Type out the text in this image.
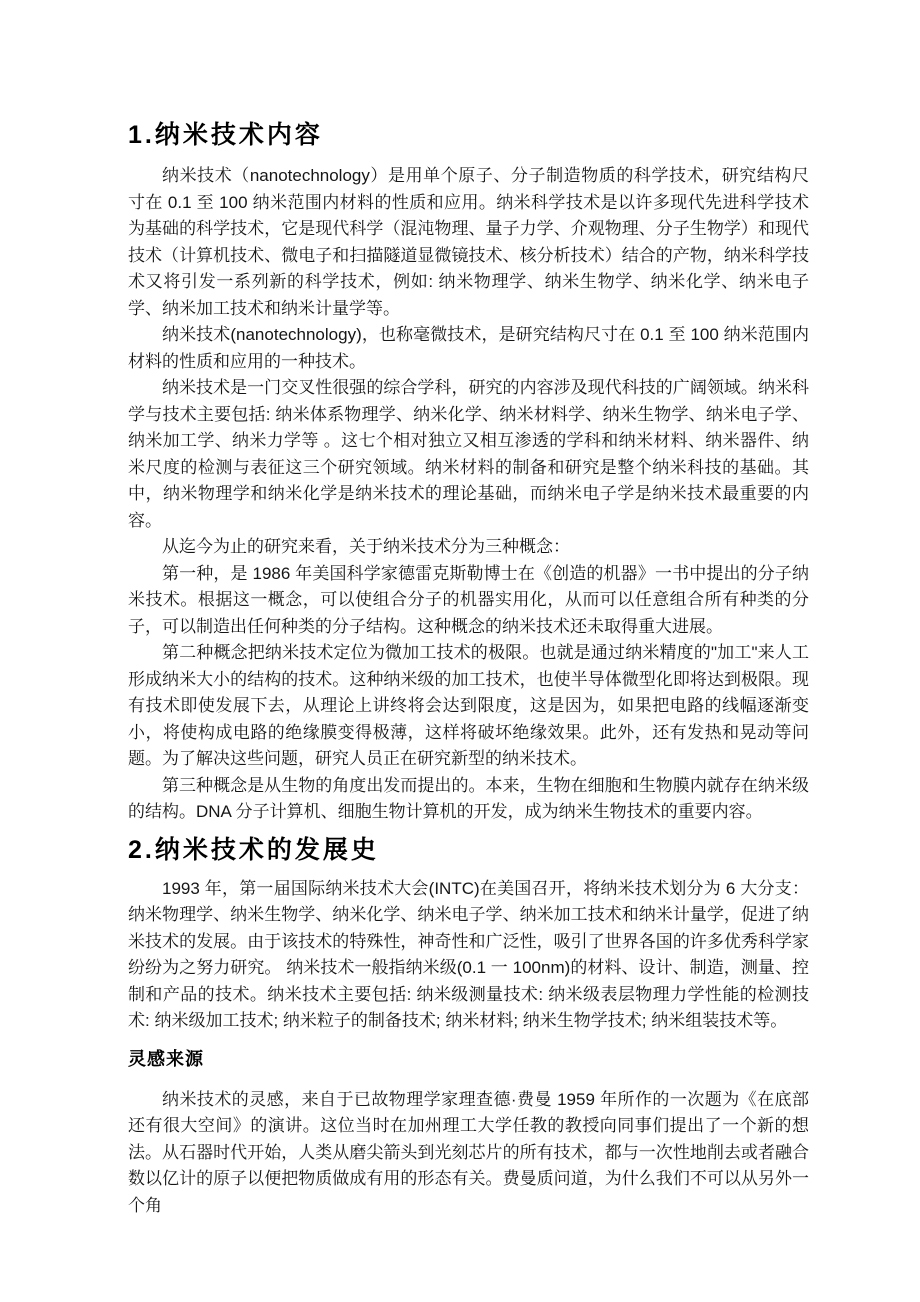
1.纳米技术内容

纳米技术（nanotechnology）是用单个原子、分子制造物质的科学技术，研究结构尺寸在 0.1 至 100 纳米范围内材料的性质和应用。纳米科学技术是以许多现代先进科学技术为基础的科学技术，它是现代科学（混沌物理、量子力学、介观物理、分子生物学）和现代技术（计算机技术、微电子和扫描隧道显微镜技术、核分析技术）结合的产物，纳米科学技术又将引发一系列新的科学技术，例如: 纳米物理学、纳米生物学、纳米化学、纳米电子学、纳米加工技术和纳米计量学等。

纳米技术(nanotechnology)，也称毫微技术，是研究结构尺寸在 0.1 至 100 纳米范围内材料的性质和应用的一种技术。

纳米技术是一门交叉性很强的综合学科，研究的内容涉及现代科技的广阔领域。纳米科学与技术主要包括: 纳米体系物理学、纳米化学、纳米材料学、纳米生物学、纳米电子学、纳米加工学、纳米力学等 。这七个相对独立又相互渗透的学科和纳米材料、纳米器件、纳米尺度的检测与表征这三个研究领域。纳米材料的制备和研究是整个纳米科技的基础。其中，纳米物理学和纳米化学是纳米技术的理论基础，而纳米电子学是纳米技术最重要的内容。

从迄今为止的研究来看，关于纳米技术分为三种概念：

第一种，是 1986 年美国科学家德雷克斯勒博士在《创造的机器》一书中提出的分子纳米技术。根据这一概念，可以使组合分子的机器实用化，从而可以任意组合所有种类的分子，可以制造出任何种类的分子结构。这种概念的纳米技术还未取得重大进展。

第二种概念把纳米技术定位为微加工技术的极限。也就是通过纳米精度的"加工"来人工形成纳米大小的结构的技术。这种纳米级的加工技术，也使半导体微型化即将达到极限。现有技术即使发展下去，从理论上讲终将会达到限度，这是因为，如果把电路的线幅逐渐变小，将使构成电路的绝缘膜变得极薄，这样将破坏绝缘效果。此外，还有发热和晃动等问题。为了解决这些问题，研究人员正在研究新型的纳米技术。

第三种概念是从生物的角度出发而提出的。本来，生物在细胞和生物膜内就存在纳米级的结构。DNA 分子计算机、细胞生物计算机的开发，成为纳米生物技术的重要内容。

2.纳米技术的发展史

1993 年，第一届国际纳米技术大会(INTC)在美国召开，将纳米技术划分为 6 大分支：纳米物理学、纳米生物学、纳米化学、纳米电子学、纳米加工技术和纳米计量学，促进了纳米技术的发展。由于该技术的特殊性，神奇性和广泛性，吸引了世界各国的许多优秀科学家纷纷为之努力研究。 纳米技术一般指纳米级(0.1 一 100nm)的材料、设计、制造，测量、控制和产品的技术。纳米技术主要包括: 纳米级测量技术: 纳米级表层物理力学性能的检测技术: 纳米级加工技术; 纳米粒子的制备技术; 纳米材料; 纳米生物学技术; 纳米组装技术等。

灵感来源

纳米技术的灵感，来自于已故物理学家理查德·费曼 1959 年所作的一次题为《在底部还有很大空间》的演讲。这位当时在加州理工大学任教的教授向同事们提出了一个新的想法。从石器时代开始，人类从磨尖箭头到光刻芯片的所有技术，都与一次性地削去或者融合数以亿计的原子以便把物质做成有用的形态有关。费曼质问道，为什么我们不可以从另外一个角
